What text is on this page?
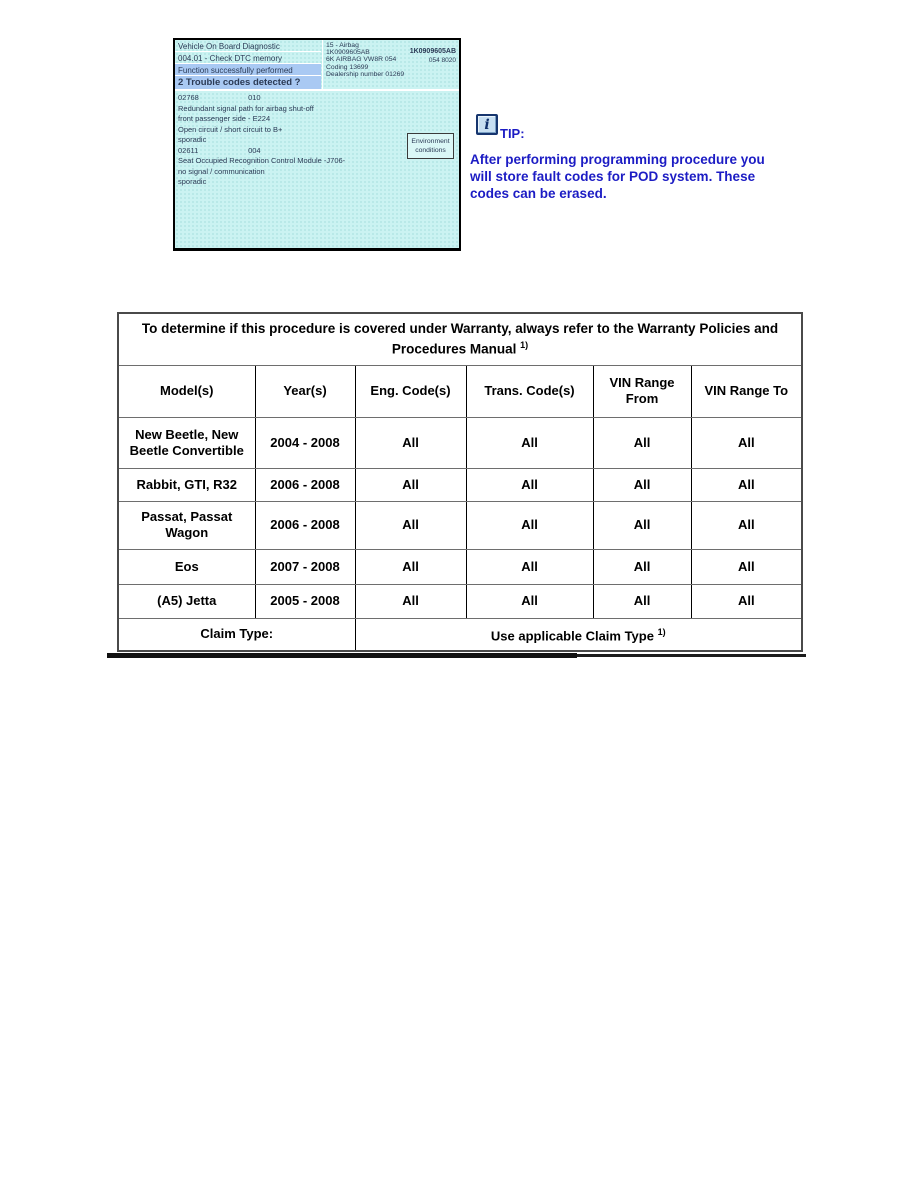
Vehicle On Board Diagnostic
004.01 - Check DTC memory
Function successfully performed
2 Trouble codes detected ?
15 - Airbag
1K0909605AB
6K AIRBAG VW8R 054
Coding 13699
Dealership number 01269
1K0909605AB
054 8020
02768	010
Redundant signal path for airbag shut-off
front passenger side - E224
Open circuit / short circuit to B+
sporadic
02611	004
Seat Occupied Recognition Control Module -J706-
no signal / communication
sporadic
Environment conditions
i
TIP:
After performing programming procedure you will store fault codes for POD system. These codes can be erased.
To determine if this procedure is covered under Warranty, always refer to the Warranty Policies and Procedures Manual $^{1)}$
Model(s)	Year(s)	Eng. Code(s)	Trans. Code(s)	VIN Range From	VIN Range To
New Beetle, New Beetle Convertible	2004 - 2008	All	All	All	All
Rabbit, GTI, R32	2006 - 2008	All	All	All	All
Passat, Passat Wagon	2006 - 2008	All	All	All	All
Eos	2007 - 2008	All	All	All	All
(A5) Jetta	2005 - 2008	All	All	All	All
Claim Type:		Use applicable Claim Type $^{1)}$
